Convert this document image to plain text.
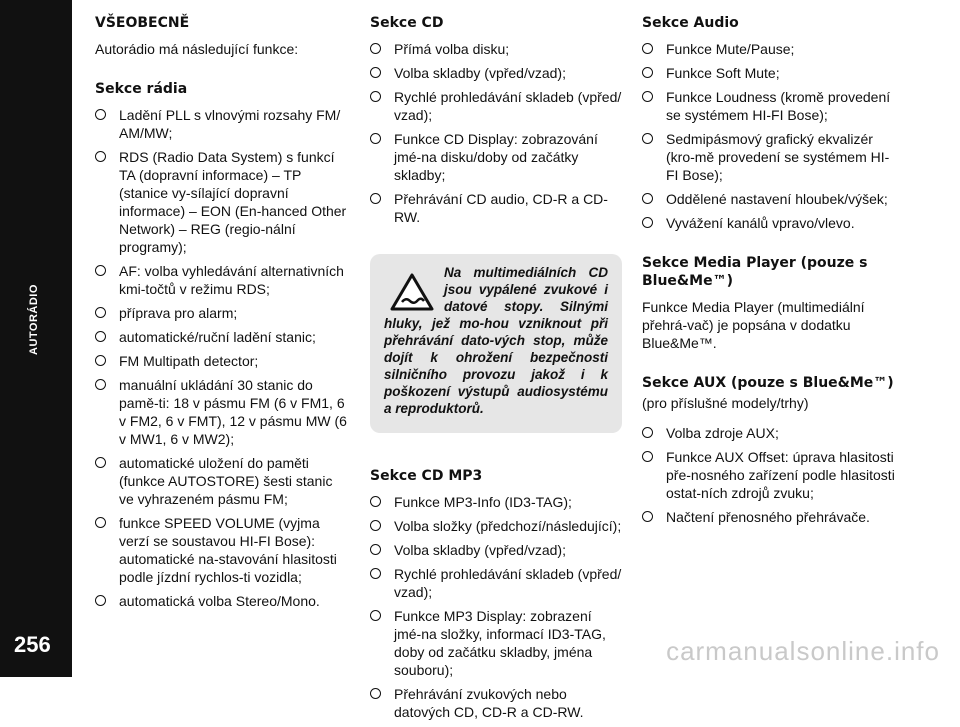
AUTORÁDIO
256
VŠEOBECNĚ
Autorádio má následující funkce:
Sekce rádia
Ladění PLL s vlnovými rozsahy FM/ AM/MW;
RDS (Radio Data System) s funkcí TA (dopravní informace) – TP (stanice vy-sílající dopravní informace) – EON (En-hanced Other Network) – REG (regio-nální programy);
AF: volba vyhledávání alternativních kmi-točtů v režimu RDS;
příprava pro alarm;
automatické/ruční ladění stanic;
FM Multipath detector;
manuální ukládání 30 stanic do pamě-ti: 18 v pásmu FM (6 v FM1, 6 v FM2, 6 v FMT), 12 v pásmu MW (6 v MW1, 6 v MW2);
automatické uložení do paměti (funkce AUTOSTORE) šesti stanic ve vyhrazeném pásmu FM;
funkce SPEED VOLUME (vyjma verzí se soustavou HI-FI Bose): automatické na-stavování hlasitosti podle jízdní rychlos-ti vozidla;
automatická volba Stereo/Mono.
Sekce CD
Přímá volba disku;
Volba skladby (vpřed/vzad);
Rychlé prohledávání skladeb (vpřed/ vzad);
Funkce CD Display: zobrazování jmé-na disku/doby od začátky skladby;
Přehrávání CD audio, CD-R a CD-RW.
Na multimediálních CD jsou vypálené zvukové i datové stopy. Silnými hluky, jež mo-hou vzniknout při přehrávání dato-vých stop, může dojít k ohrožení bezpečnosti silničního provozu jakož i k poškození výstupů audiosystému a reproduktorů.
Sekce CD MP3
Funkce MP3-Info (ID3-TAG);
Volba složky (předchozí/následující);
Volba skladby (vpřed/vzad);
Rychlé prohledávání skladeb (vpřed/ vzad);
Funkce MP3 Display: zobrazení jmé-na složky, informací ID3-TAG, doby od začátku skladby, jména souboru);
Přehrávání zvukových nebo datových CD, CD-R a CD-RW.
Sekce Audio
Funkce Mute/Pause;
Funkce Soft Mute;
Funkce Loudness (kromě provedení se systémem HI-FI Bose);
Sedmipásmový grafický ekvalizér (kro-mě provedení se systémem HI-FI Bose);
Oddělené nastavení hloubek/výšek;
Vyvážení kanálů vpravo/vlevo.
Sekce Media Player (pouze s Blue&Me™)
Funkce Media Player (multimediální přehrá-vač) je popsána v dodatku Blue&Me™.
Sekce AUX (pouze s Blue&Me™)
(pro příslušné modely/trhy)
Volba zdroje AUX;
Funkce AUX Offset: úprava hlasitosti pře-nosného zařízení podle hlasitosti ostat-ních zdrojů zvuku;
Načtení přenosného přehrávače.
carmanualsonline.info
